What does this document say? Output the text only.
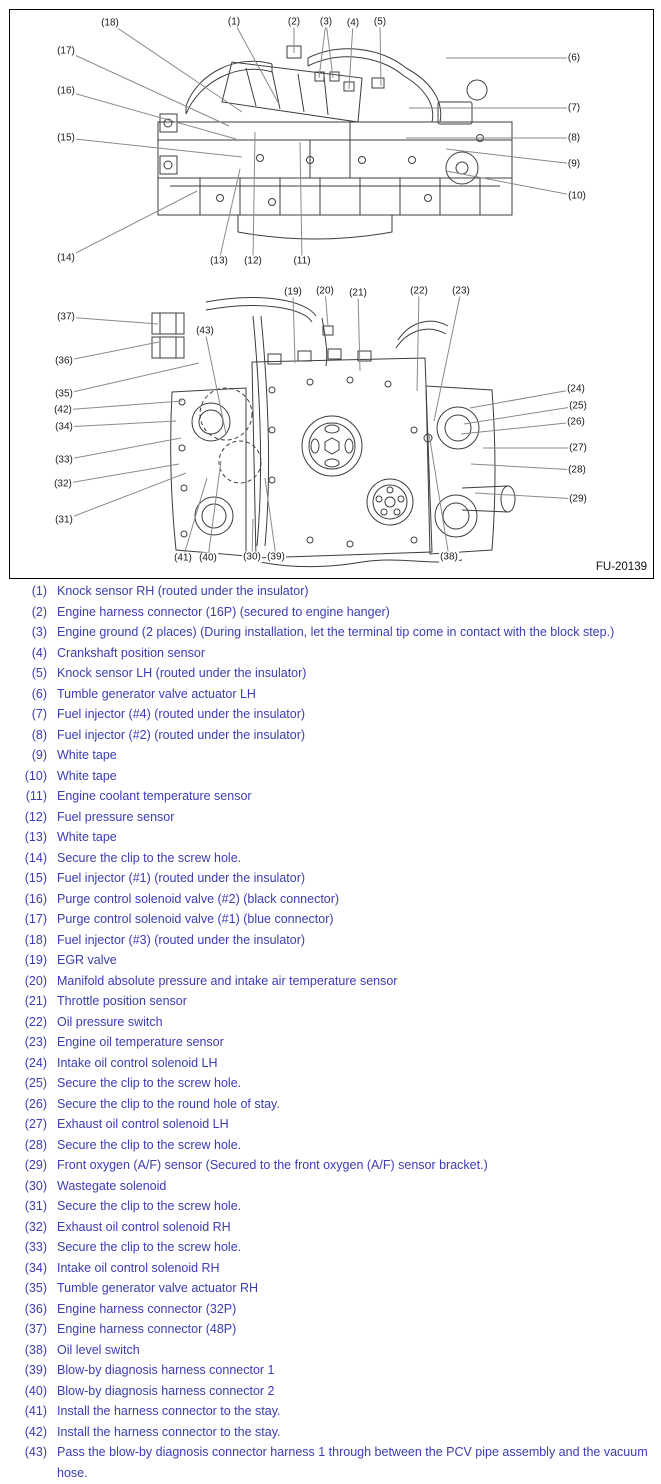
(1)	(2) (3) (4) (5)
(6)
(7)
(8)
(9)
(10)
(11)
(12)
(13)
(14)
(15)
(16)
(17)
(18)
(19) (20) (21)	(22) (23)
(24)
(25)
(26)
(27)
(28)
(29)
(30)
(31)
(32)
(33)
(34)
(35)
(36)
(37)
(38)
(39)
(40)
(41)
(42)
(43)
FU-20139
(1) Knock sensor RH (routed under the insulator)
(2) Engine harness connector (16P) (secured to engine hanger)
(3) Engine ground (2 places) (During installation, let the terminal tip come in contact with the block step.)
(4) Crankshaft position sensor
(5) Knock sensor LH (routed under the insulator)
(6) Tumble generator valve actuator LH
(7) Fuel injector (#4) (routed under the insulator)
(8) Fuel injector (#2) (routed under the insulator)
(9) White tape
(10) White tape
(11) Engine coolant temperature sensor
(12) Fuel pressure sensor
(13) White tape
(14) Secure the clip to the screw hole.
(15) Fuel injector (#1) (routed under the insulator)
(16) Purge control solenoid valve (#2) (black connector)
(17) Purge control solenoid valve (#1) (blue connector)
(18) Fuel injector (#3) (routed under the insulator)
(19) EGR valve
(20) Manifold absolute pressure and intake air temperature sensor
(21) Throttle position sensor
(22) Oil pressure switch
(23) Engine oil temperature sensor
(24) Intake oil control solenoid LH
(25) Secure the clip to the screw hole.
(26) Secure the clip to the round hole of stay.
(27) Exhaust oil control solenoid LH
(28) Secure the clip to the screw hole.
(29) Front oxygen (A/F) sensor (Secured to the front oxygen (A/F) sensor bracket.)
(30) Wastegate solenoid
(31) Secure the clip to the screw hole.
(32) Exhaust oil control solenoid RH
(33) Secure the clip to the screw hole.
(34) Intake oil control solenoid RH
(35) Tumble generator valve actuator RH
(36) Engine harness connector (32P)
(37) Engine harness connector (48P)
(38) Oil level switch
(39) Blow-by diagnosis harness connector 1
(40) Blow-by diagnosis harness connector 2
(41) Install the harness connector to the stay.
(42) Install the harness connector to the stay.
(43) Pass the blow-by diagnosis connector harness 1 through between the PCV pipe assembly and the vacuum hose.
